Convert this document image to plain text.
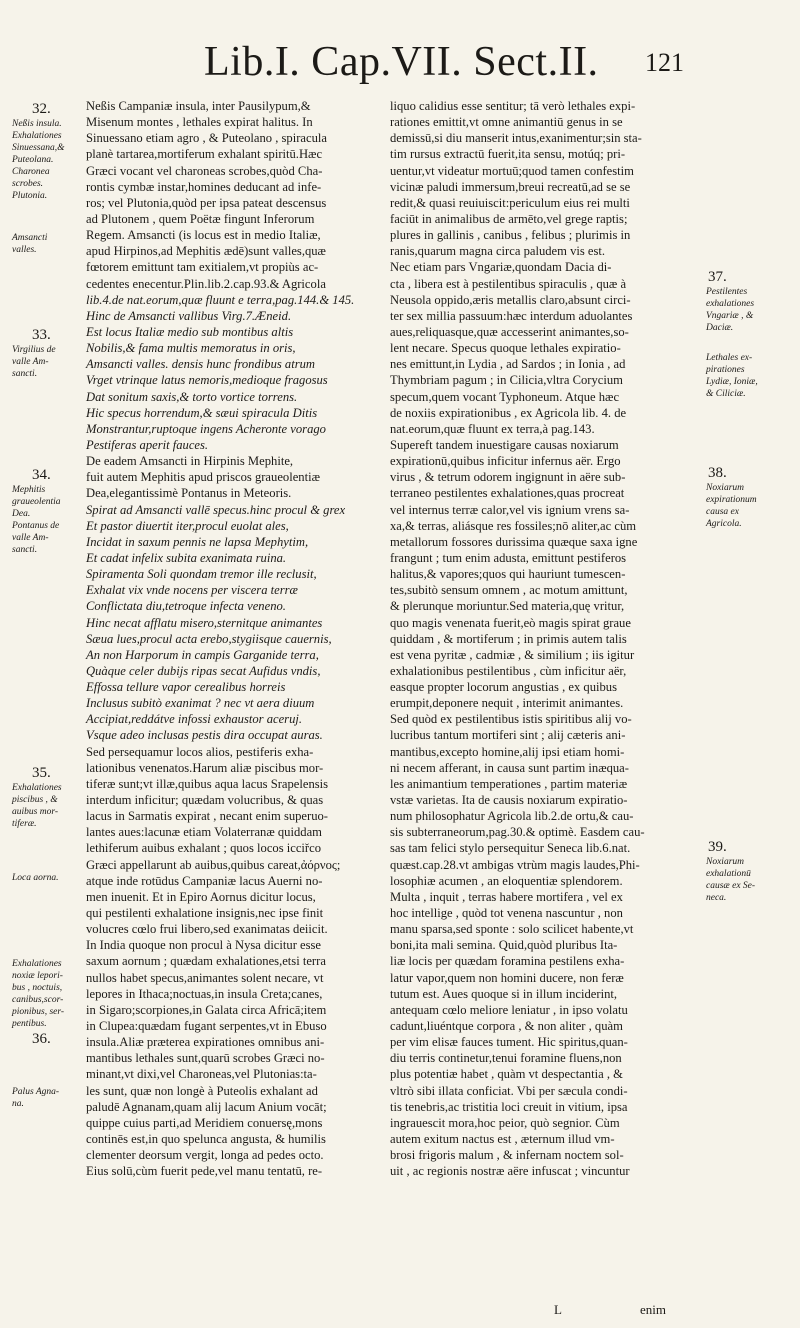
Lib.I. Cap.VII. Sect.II. 121
32.
Neßis insula.
Exhalationes
Sinuessana,&
Puteolana.
Charonea
scrobes.
Plutonia.
Amsancti
valles.
33.
Virgilius de
valle Am-
sancti.
34.
Mephitis
graueolentia
Dea.
Pontanus de
valle Am-
sancti.
35.
Exhalationes
piscibus , &
auibus mor-
tiferæ.
Loca aorna.
Exhalationes
noxiæ lepori-
bus , noctuis,
canibus,scor-
pionibus, ser-
pentibus.
36.
Palus Agna-
na.
37.
Pestilentes
exhalationes
Vngariæ , &
Daciæ.
Lethales ex-
pirationes
Lydiæ, Ioniæ,
& Ciliciæ.
38.
Noxiarum
expirationum
causa ex
Agricola.
39.
Noxiarum
exhalationū
causæ ex Se-
neca.
Neßis Campaniæ insula, inter Pausilypum,&
Misenum montes , lethales expirat halitus. In
Sinuessano etiam agro , & Puteolano , spiracula
planè tartarea,mortiferum exhalant spiritū.Hæc
Græci vocant vel charoneas scrobes,quòd Cha-
rontis cymbæ instar,homines deducant ad infe-
ros; vel Plutonia,quòd per ipsa pateat descensus
ad Plutonem , quem Poëtæ fingunt Inferorum
Regem. Amsancti (is locus est in medio Italiæ,
apud Hirpinos,ad Mephitis ædē)sunt valles,quæ
fœtorem emittunt tam exitialem,vt propiùs ac-
cedentes enecentur.Plin.lib.2.cap.93.& Agricola
lib.4.de nat.eorum,quæ fluunt e terra,pag.144.& 145.
Hinc de Amsancti vallibus Virg.7.Æneid.
Est locus Italiæ medio sub montibus altis
Nobilis,& fama multis memoratus in oris,
Amsancti valles. densis hunc frondibus atrum
Vrget vtrinque latus nemoris,medioque fragosus
Dat sonitum saxis,& torto vortice torrens.
Hic specus horrendum,& sæui spiracula Ditis
Monstrantur,ruptoque ingens Acheronte vorago
Pestiferas aperit fauces.
De eadem Amsancti in Hirpinis Mephite,
fuit autem Mephitis apud priscos graueolentiæ
Dea,elegantissimè Pontanus in Meteoris.
Spirat ad Amsancti vallē specus.hinc procul & grex
Et pastor diuertit iter,procul euolat ales,
Incidat in saxum pennis ne lapsa Mephytim,
Et cadat infelix subita exanimata ruina.
Spiramenta Soli quondam tremor ille reclusit,
Exhalat vix vnde nocens per viscera terræ
Conflictata diu,tetroque infecta veneno.
Hinc necat afflatu misero,sternitque animantes
Sæua lues,procul acta erebo,stygiisque cauernis,
An non Harporum in campis Garganide terra,
Quàque celer dubijs ripas secat Aufidus vndis,
Effossa tellure vapor cerealibus horreis
Inclusus subitò exanimat ? nec vt aera diuum
Accipiat,reddátve infossi exhaustor aceruj.
Vsque adeo inclusas pestis dira occupat auras.
Sed persequamur locos alios, pestiferis exha-
lationibus venenatos.Harum aliæ piscibus mor-
tiferæ sunt;vt illæ,quibus aqua lacus Srapelensis
interdum inficitur; quædam volucribus, & quas
lacus in Sarmatis expirat , necant enim superuo-
lantes aues:lacunæ etiam Volaterranæ quiddam
lethiferum auibus exhalant ; quos locos icciřco
Græci appellarunt ab auibus,quibus careat,ἀόρνος;
atque inde rotūdus Campaniæ lacus Auerni no-
men inuenit. Et in Epiro Aornus dicitur locus,
qui pestilenti exhalatione insignis,nec ipse finit
volucres cœlo frui libero,sed exanimatas deiicit.
In India quoque non procul à Nysa dicitur esse
saxum aornum ; quædam exhalationes,etsi terra
nullos habet specus,animantes solent necare, vt
lepores in Ithaca;noctuas,in insula Creta;canes,
in Sigaro;scorpiones,in Galata circa Africā;item
in Clupea:quædam fugant serpentes,vt in Ebuso
insula.Aliæ præterea expirationes omnibus ani-
mantibus lethales sunt,quarū scrobes Græci no-
minant,vt dixi,vel Charoneas,vel Plutonias:ta-
les sunt, quæ non longè à Puteolis exhalant ad
paludē Agnanam,quam alij lacum Anium vocāt;
quippe cuius parti,ad Meridiem conuersę,mons
continēs est,in quo speluncа angusta, & humilis
clementer deorsum vergit, longa ad pedes octo.
Eius solū,cùm fuerit pede,vel manu tentatū, re-
liquo calidius esse sentitur; tā verò lethales expi-
rationes emittit,vt omne animantiū genus in se
demissū,si diu manserit intus,exanimentur;sin sta-
tim rursus extractū fuerit,ita sensu, motúq; pri-
uentur,vt videatur mortuū;quod tamen confestim
vicinæ paludi immersum,breui recreatū,ad se se
redit,& quasi reuiuiscit:periculum eius rei multi
faciūt in animalibus de armēto,vel grege raptis;
plures in gallinis , canibus , felibus ; plurimis in
ranis,quarum magna circa paludem vis est.
Nec etiam pars Vngariæ,quondam Dacia di-
cta , libera est à pestilentibus spiraculis , quæ à
Neusola oppido,æris metallis claro,absunt circi-
ter sex millia passuum:hæc interdum aduolantes
aues,reliquasque,quæ accesserint animantes,so-
lent necare. Specus quoque lethales expiratio-
nes emittunt,in Lydia , ad Sardos ; in Ionia , ad
Thymbriam pagum ; in Cilicia,vltra Corycium
specum,quem vocant Typhoneum. Atque hæc
de noxiis expirationibus , ex Agricola lib. 4. de
nat.eorum,quæ fluunt ex terra,à pag.143.
Supereft tandem inuestigare causas noxiarum
expirationū,quibus inficitur infernus aër. Ergo
virus , & tetrum odorem ingignunt in aëre sub-
terraneo pestilentes exhalationes,quas procreat
vel internus terræ calor,vel vis ignium vrens sa-
xa,& terras, aliásque res fossiles;nō aliter,ac cùm
metallorum fossores durissima quæque saxa igne
frangunt ; tum enim adusta, emittunt pestiferos
halitus,& vapores;quos qui hauriunt tumescen-
tes,subitò sensum omnem , ac motum amittunt,
& plerunque moriuntur.Sed materia,quę vritur,
quo magis venenata fuerit,eò magis spirat graue
quiddam , & mortiferum ; in primis autem talis
est vena pyritæ , cadmiæ , & similium ; iis igitur
exhalationibus pestilentibus , cùm inficitur aër,
easque propter locorum angustias , ex quibus
erumpit,deponere nequit , interimit animantes.
Sed quòd ex pestilentibus istis spiritibus alij vo-
lucribus tantum mortiferi sint ; alij cæteris ani-
mantibus,excepto homine,alij ipsi etiam homi-
ni necem afferant, in causa sunt partim inæqua-
les animantium temperationes , partim materiæ
vstæ varietas. Ita de causis noxiarum expiratio-
num philosophatur Agricola lib.2.de ortu,& cau-
sis subterraneorum,pag.30.& optimè. Easdem cau-
sas tam felici stylo persequitur Seneca lib.6.nat.
quæst.cap.28.vt ambigas vtrùm magis laudes,Phi-
losophiæ acumen , an eloquentiæ splendorem.
Multa , inquit , terras habere mortifera , vel ex
hoc intellige , quòd tot venena nascuntur , non
manu sparsa,sed sponte : solo scilicet habente,vt
boni,ita mali semina. Quid,quòd pluribus Ita-
liæ locis per quædam foramina pestilens exha-
latur vapor,quem non homini ducere, non feræ
tutum est. Aues quoque si in illum inciderint,
antequam cœlo meliore leniatur , in ipso volatu
cadunt,liuéntque corpora , & non aliter , quàm
per vim elisæ fauces tument. Hic spiritus,quan-
diu terris continetur,tenui foramine fluens,non
plus potentiæ habet , quàm vt despectantia , &
vltrò sibi illata conficiat. Vbi per sæcula condi-
tis tenebris,ac tristitia loci creuit in vitium, ipsa
ingrauescit mora,hoc peior, quò segnior. Cùm
autem exitum nactus est , æternum illud vm-
brosi frigoris malum , & infernam noctem sol-
uit , ac regionis nostræ aëre infuscat ; vincuntur
L	enim
